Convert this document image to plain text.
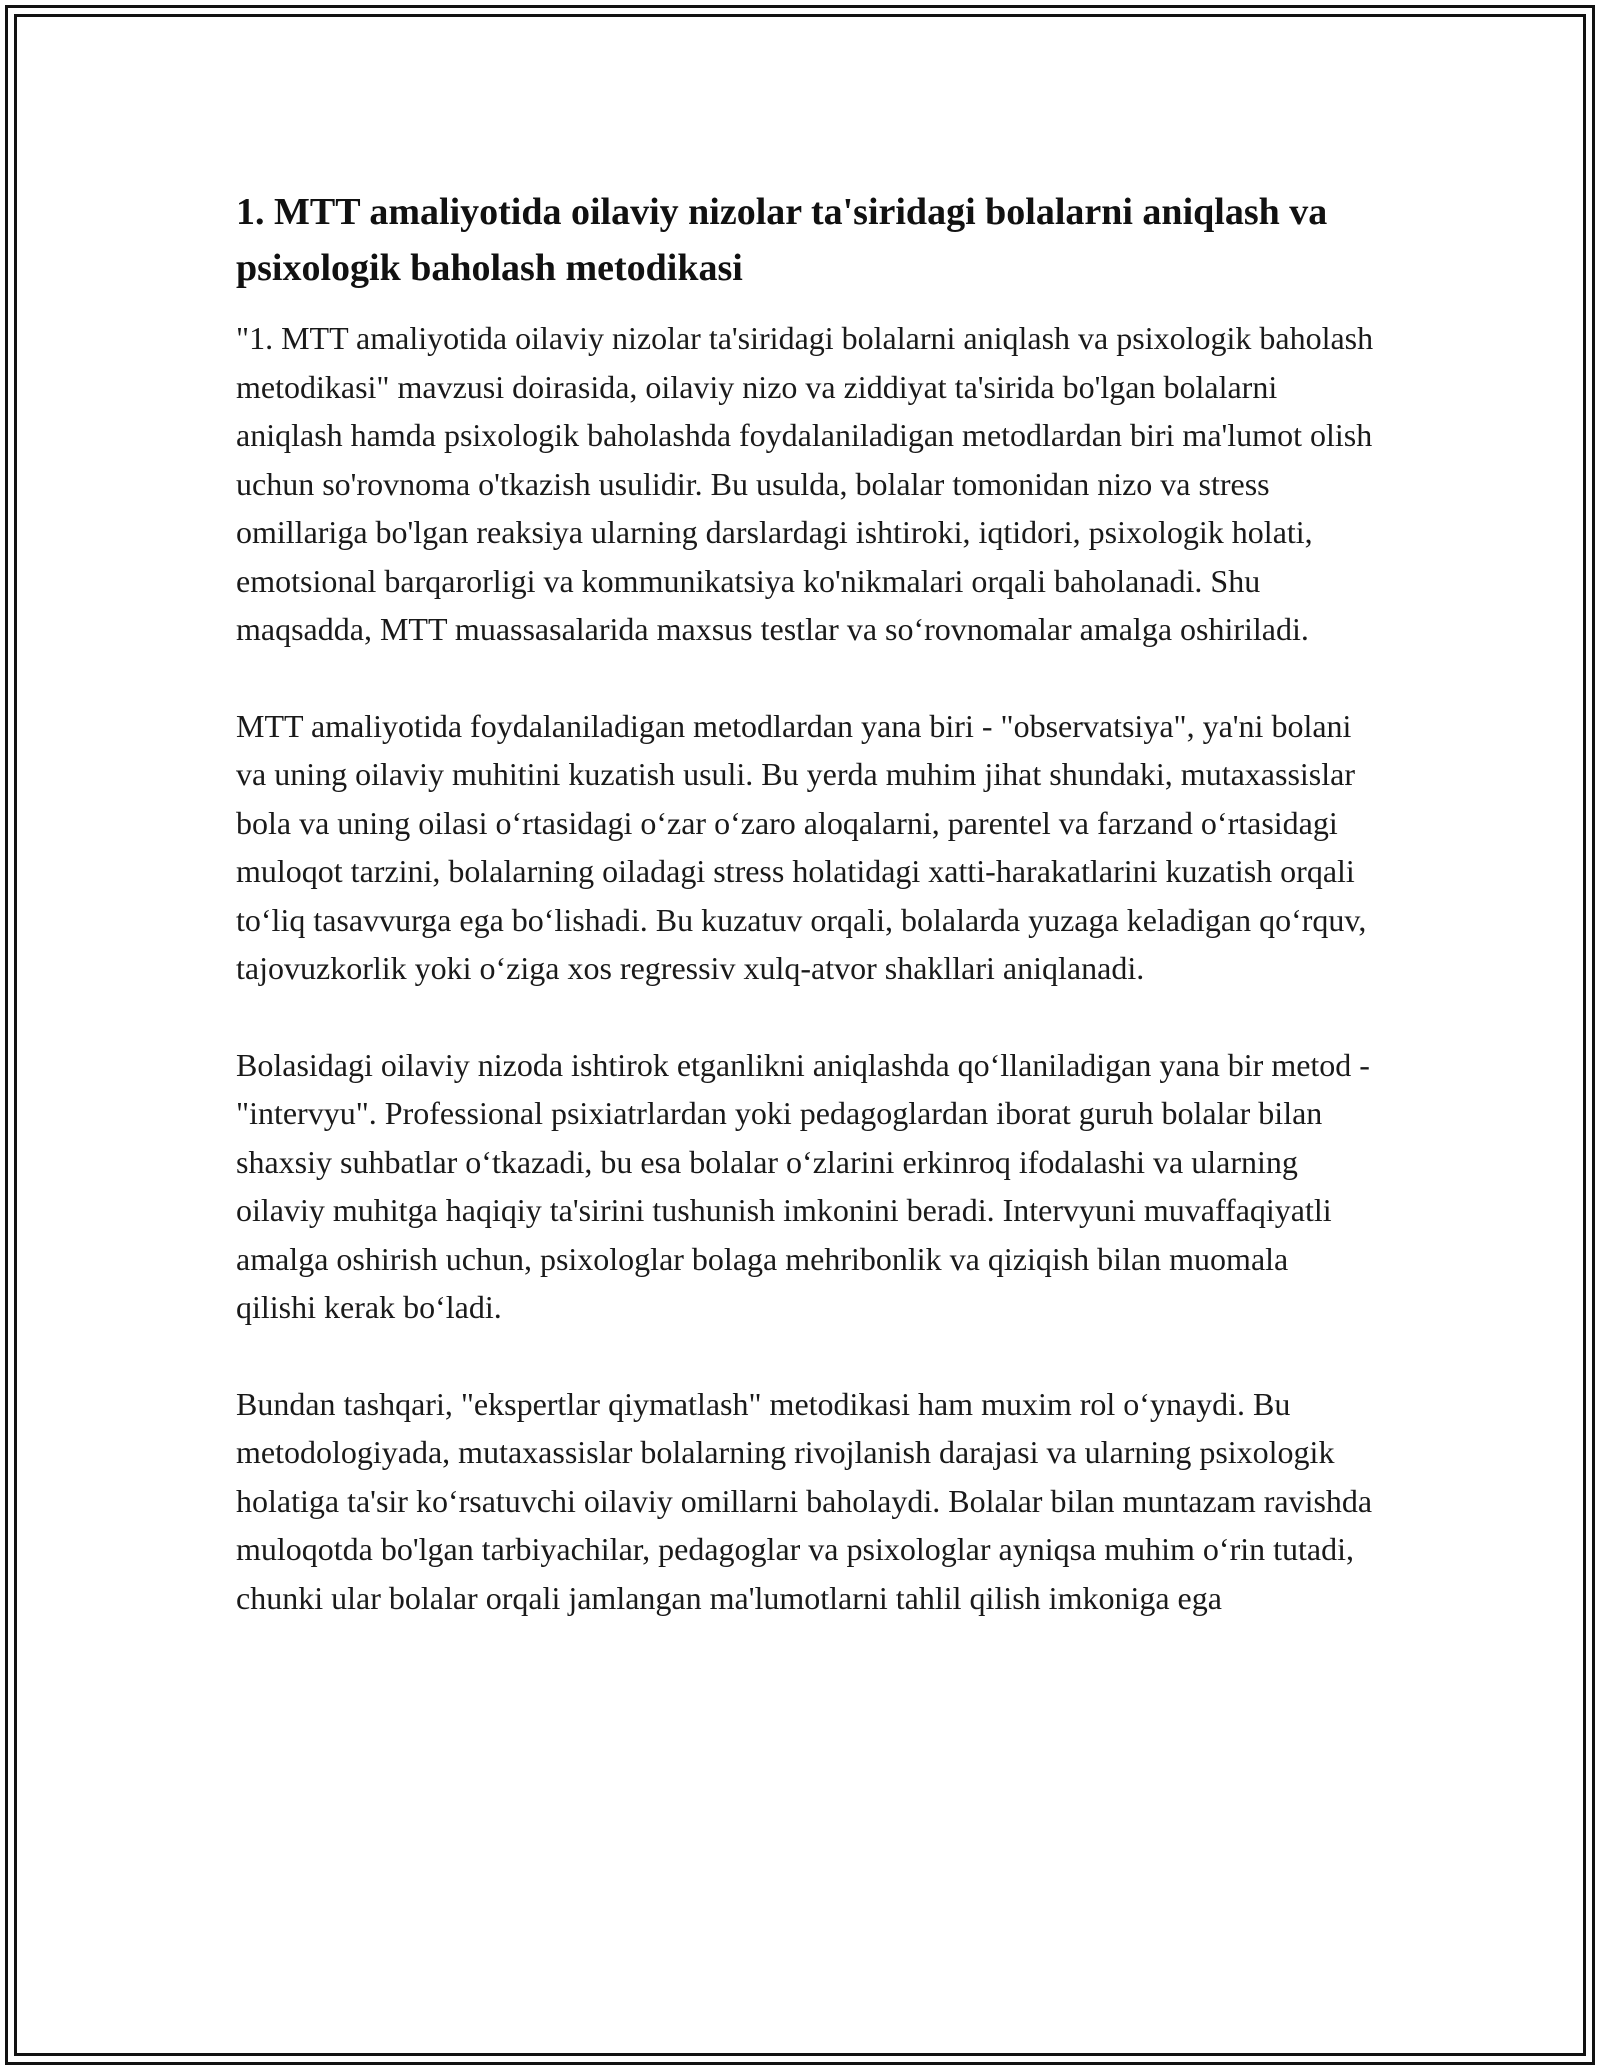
1. MTT amaliyotida oilaviy nizolar ta'siridagi bolalarni aniqlash va psixologik baholash metodikasi

"1. MTT amaliyotida oilaviy nizolar ta'siridagi bolalarni aniqlash va psixologik baholash metodikasi" mavzusi doirasida, oilaviy nizo va ziddiyat ta'sirida bo'lgan bolalarni aniqlash hamda psixologik baholashda foydalaniladigan metodlardan biri ma'lumot olish uchun so'rovnoma o'tkazish usulidir. Bu usulda, bolalar tomonidan nizo va stress omillariga bo'lgan reaksiya ularning darslardagi ishtiroki, iqtidori, psixologik holati, emotsional barqarorligi va kommunikatsiya ko'nikmalari orqali baholanadi. Shu maqsadda, MTT muassasalarida maxsus testlar va so‘rovnomalar amalga oshiriladi.

MTT amaliyotida foydalaniladigan metodlardan yana biri - "observatsiya", ya'ni bolani va uning oilaviy muhitini kuzatish usuli. Bu yerda muhim jihat shundaki, mutaxassislar bola va uning oilasi o‘rtasidagi o‘zar o‘zaro aloqalarni, parentel va farzand o‘rtasidagi muloqot tarzini, bolalarning oiladagi stress holatidagi xatti-harakatlarini kuzatish orqali to‘liq tasavvurga ega bo‘lishadi. Bu kuzatuv orqali, bolalarda yuzaga keladigan qo‘rquv, tajovuzkorlik yoki o‘ziga xos regressiv xulq-atvor shakllari aniqlanadi.

Bolasidagi oilaviy nizoda ishtirok etganlikni aniqlashda qo‘llaniladigan yana bir metod - "intervyu". Professional psixiatrlardan yoki pedagoglardan iborat guruh bolalar bilan shaxsiy suhbatlar o‘tkazadi, bu esa bolalar o‘zlarini erkinroq ifodalashi va ularning oilaviy muhitga haqiqiy ta'sirini tushunish imkonini beradi. Intervyuni muvaffaqiyatli amalga oshirish uchun, psixologlar bolaga mehribonlik va qiziqish bilan muomala qilishi kerak bo‘ladi.

Bundan tashqari, "ekspertlar qiymatlash" metodikasi ham muxim rol o‘ynaydi. Bu metodologiyada, mutaxassislar bolalarning rivojlanish darajasi va ularning psixologik holatiga ta'sir ko‘rsatuvchi oilaviy omillarni baholaydi. Bolalar bilan muntazam ravishda muloqotda bo'lgan tarbiyachilar, pedagoglar va psixologlar ayniqsa muhim o‘rin tutadi, chunki ular bolalar orqali jamlangan ma'lumotlarni tahlil qilish imkoniga ega
